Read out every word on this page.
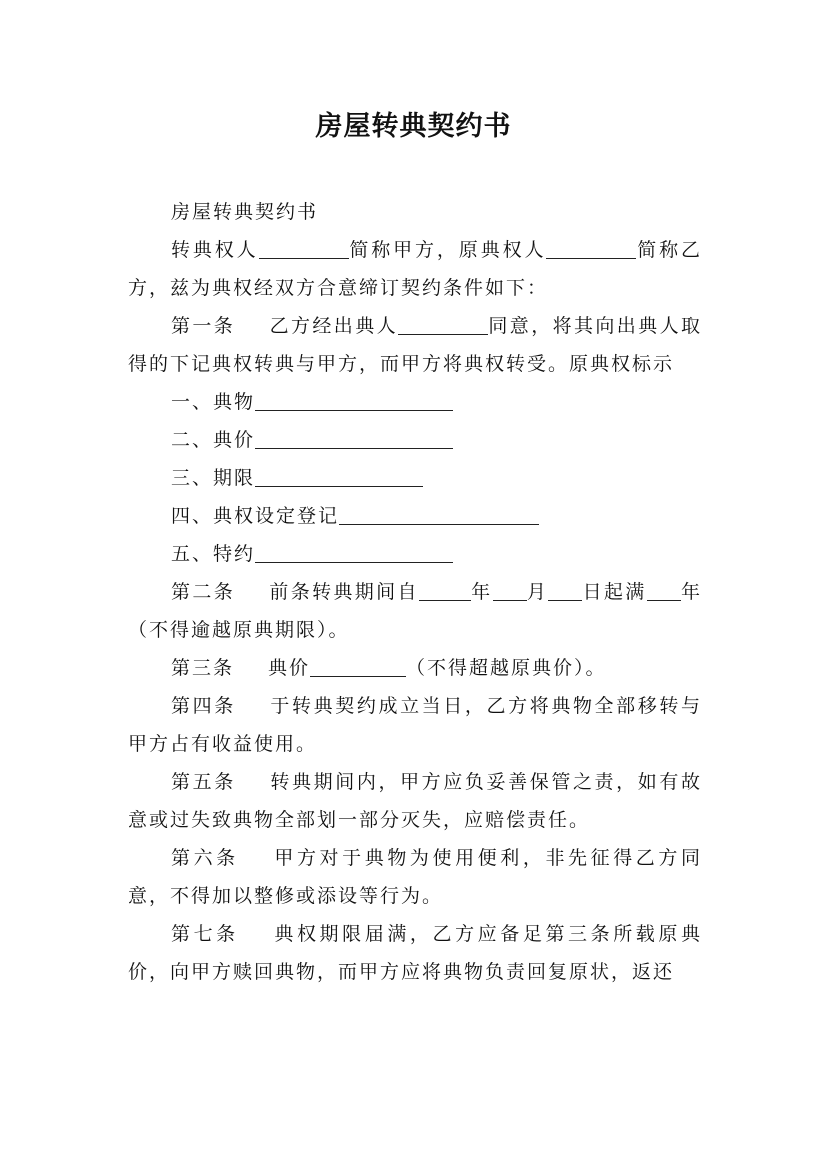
房屋转典契约书

房屋转典契约书

转典权人	简称甲方，原典权人	简称乙方，兹为典权经双方合意缔订契约条件如下：

第一条 乙方经出典人	同意，将其向出典人取得的下记典权转典与甲方，而甲方将典权转受。原典权标示

一、典物

二、典价

三、期限

四、典权设定登记

五、特约

第二条 前条转典期间自	年 月 日起满 年（不得逾越原典期限）。

第三条 典价	（不得超越原典价）。

第四条 于转典契约成立当日，乙方将典物全部移转与甲方占有收益使用。

第五条 转典期间内，甲方应负妥善保管之责，如有故意或过失致典物全部划一部分灭失，应赔偿责任。

第六条 甲方对于典物为使用便利，非先征得乙方同意，不得加以整修或添设等行为。

第七条 典权期限届满，乙方应备足第三条所载原典价，向甲方赎回典物，而甲方应将典物负责回复原状，返还
